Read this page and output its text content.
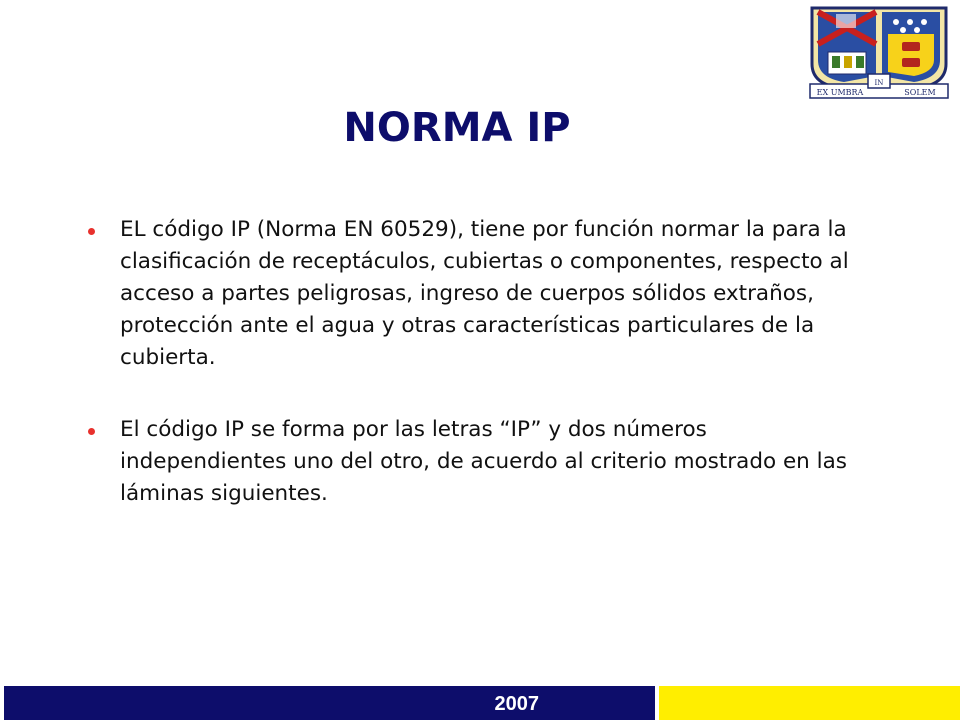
EX UMBRA
IN
SOLEM
NORMA IP
EL código IP (Norma EN 60529), tiene por función normar la para la clasificación de receptáculos, cubiertas o componentes, respecto al acceso a partes peligrosas, ingreso de cuerpos sólidos extraños, protección ante el agua y otras características particulares de la cubierta.
El código IP se forma por las letras “IP” y dos números independientes uno del otro, de acuerdo al criterio mostrado en las láminas siguientes.
2007
